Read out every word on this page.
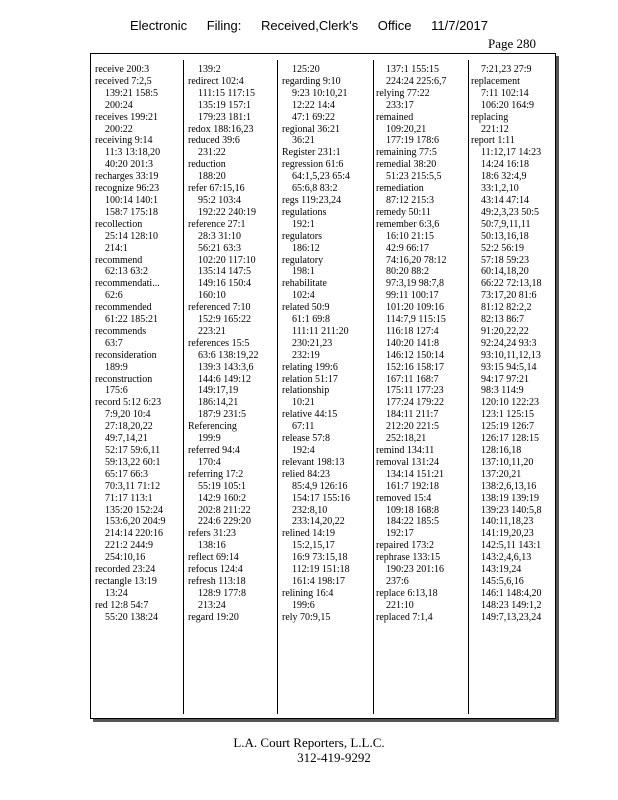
Electronic Filing: Received,Clerk's Office 11/7/2017
Page 280
receive 200:3
received 7:2,5
139:21 158:5
200:24
receives 199:21
200:22
receiving 9:14
11:3 13:18,20
40:20 201:3
recharges 33:19
recognize 96:23
100:14 140:1
158:7 175:18
recollection
25:14 128:10
214:1
recommend
62:13 63:2
recommendati...
62:6
recommended
61:22 185:21
recommends
63:7
reconsideration
189:9
reconstruction
175:6
record 5:12 6:23
7:9,20 10:4
27:18,20,22
49:7,14,21
52:17 59:6,11
59:13,22 60:1
65:17 66:3
70:3,11 71:12
71:17 113:1
135:20 152:24
153:6,20 204:9
214:14 220:16
221:2 244:9
254:10,16
recorded 23:24
rectangle 13:19
13:24
red 12:8 54:7
55:20 138:24
139:2
redirect 102:4
111:15 117:15
135:19 157:1
179:23 181:1
redox 188:16,23
reduced 39:6
231:22
reduction
188:20
refer 67:15,16
95:2 103:4
192:22 240:19
reference 27:1
28:3 31:10
56:21 63:3
102:20 117:10
135:14 147:5
149:16 150:4
160:10
referenced 7:10
152:9 165:22
223:21
references 15:5
63:6 138:19,22
139:3 143:3,6
144:6 149:12
149:17,19
186:14,21
187:9 231:5
Referencing
199:9
referred 94:4
170:4
referring 17:2
55:19 105:1
142:9 160:2
202:8 211:22
224:6 229:20
refers 31:23
138:16
reflect 69:14
refocus 124:4
refresh 113:18
128:9 177:8
213:24
regard 19:20
125:20
regarding 9:10
9:23 10:10,21
12:22 14:4
47:1 69:22
regional 36:21
36:21
Register 231:1
regression 61:6
64:1,5,23 65:4
65:6,8 83:2
regs 119:23,24
regulations
192:1
regulators
186:12
regulatory
198:1
rehabilitate
102:4
related 50:9
61:1 69:8
111:11 211:20
230:21,23
232:19
relating 199:6
relation 51:17
relationship
10:21
relative 44:15
67:11
release 57:8
192:4
relevant 198:13
relied 84:23
85:4,9 126:16
154:17 155:16
232:8,10
233:14,20,22
relined 14:19
15:2,15,17
16:9 73:15,18
112:19 151:18
161:4 198:17
relining 16:4
199:6
rely 70:9,15
137:1 155:15
224:24 225:6,7
relying 77:22
233:17
remained
109:20,21
177:19 178:6
remaining 77:5
remedial 38:20
51:23 215:5,5
remediation
87:12 215:3
remedy 50:11
remember 6:3,6
16:10 21:15
42:9 66:17
74:16,20 78:12
80:20 88:2
97:3,19 98:7,8
99:11 100:17
101:20 109:16
114:7,9 115:15
116:18 127:4
140:20 141:8
146:12 150:14
152:16 158:17
167:11 168:7
175:11 177:23
177:24 179:22
184:11 211:7
212:20 221:5
252:18,21
remind 134:11
removal 131:24
134:14 151:21
161:7 192:18
removed 15:4
109:18 168:8
184:22 185:5
192:17
repaired 173:2
rephrase 133:15
190:23 201:16
237:6
replace 6:13,18
221:10
replaced 7:1,4
7:21,23 27:9
replacement
7:11 102:14
106:20 164:9
replacing
221:12
report 1:11
11:12,17 14:23
14:24 16:18
18:6 32:4,9
33:1,2,10
43:14 47:14
49:2,3,23 50:5
50:7,9,11,11
50:13,16,18
52:2 56:19
57:18 59:23
60:14,18,20
66:22 72:13,18
73:17,20 81:6
81:12 82:2,2
82:13 86:7
91:20,22,22
92:24,24 93:3
93:10,11,12,13
93:15 94:5,14
94:17 97:21
98:3 114:9
120:10 122:23
123:1 125:15
125:19 126:7
126:17 128:15
128:16,18
137:10,11,20
137:20,21
138:2,6,13,16
138:19 139:19
139:23 140:5,8
140:11,18,23
141:19,20,23
142:5,11 143:1
143:2,4,6,13
143:19,24
145:5,6,16
146:1 148:4,20
148:23 149:1,2
149:7,13,23,24
L.A. Court Reporters, L.L.C.
312-419-9292
